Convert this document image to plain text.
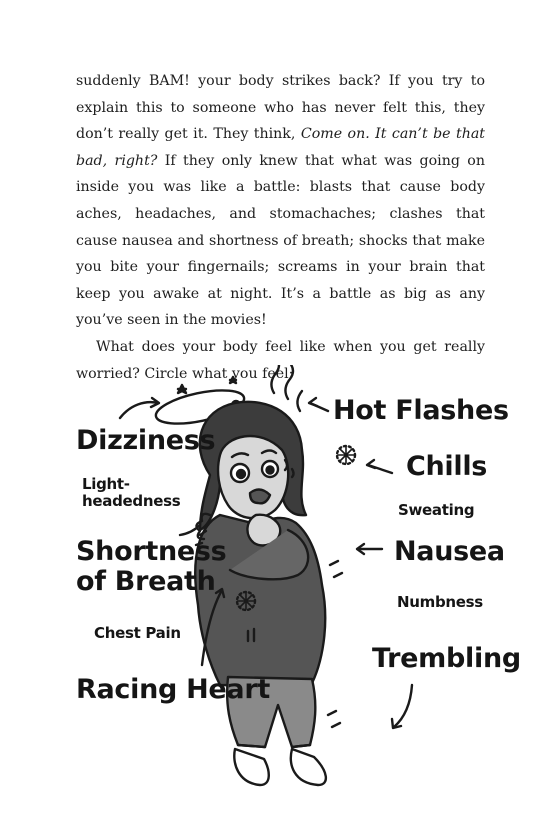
suddenly BAM! your body strikes back? If you try to explain this to someone who has never felt this, they don’t really get it. They think, Come on. It can’t be that bad, right? If they only knew that what was going on inside you was like a battle: blasts that cause body aches, headaches, and stomachaches; clashes that cause nausea and shortness of breath; shocks that make you bite your fingernails; screams in your brain that keep you awake at night. It’s a battle as big as any you’ve seen in the movies!

What does your body feel like when you get really worried? Circle what you feel:

Hot Flashes
Dizziness
Chills
Light-
headedness	Sweating
Shortness
of Breath
Nausea
Numbness
Chest Pain
Trembling
Racing Heart
